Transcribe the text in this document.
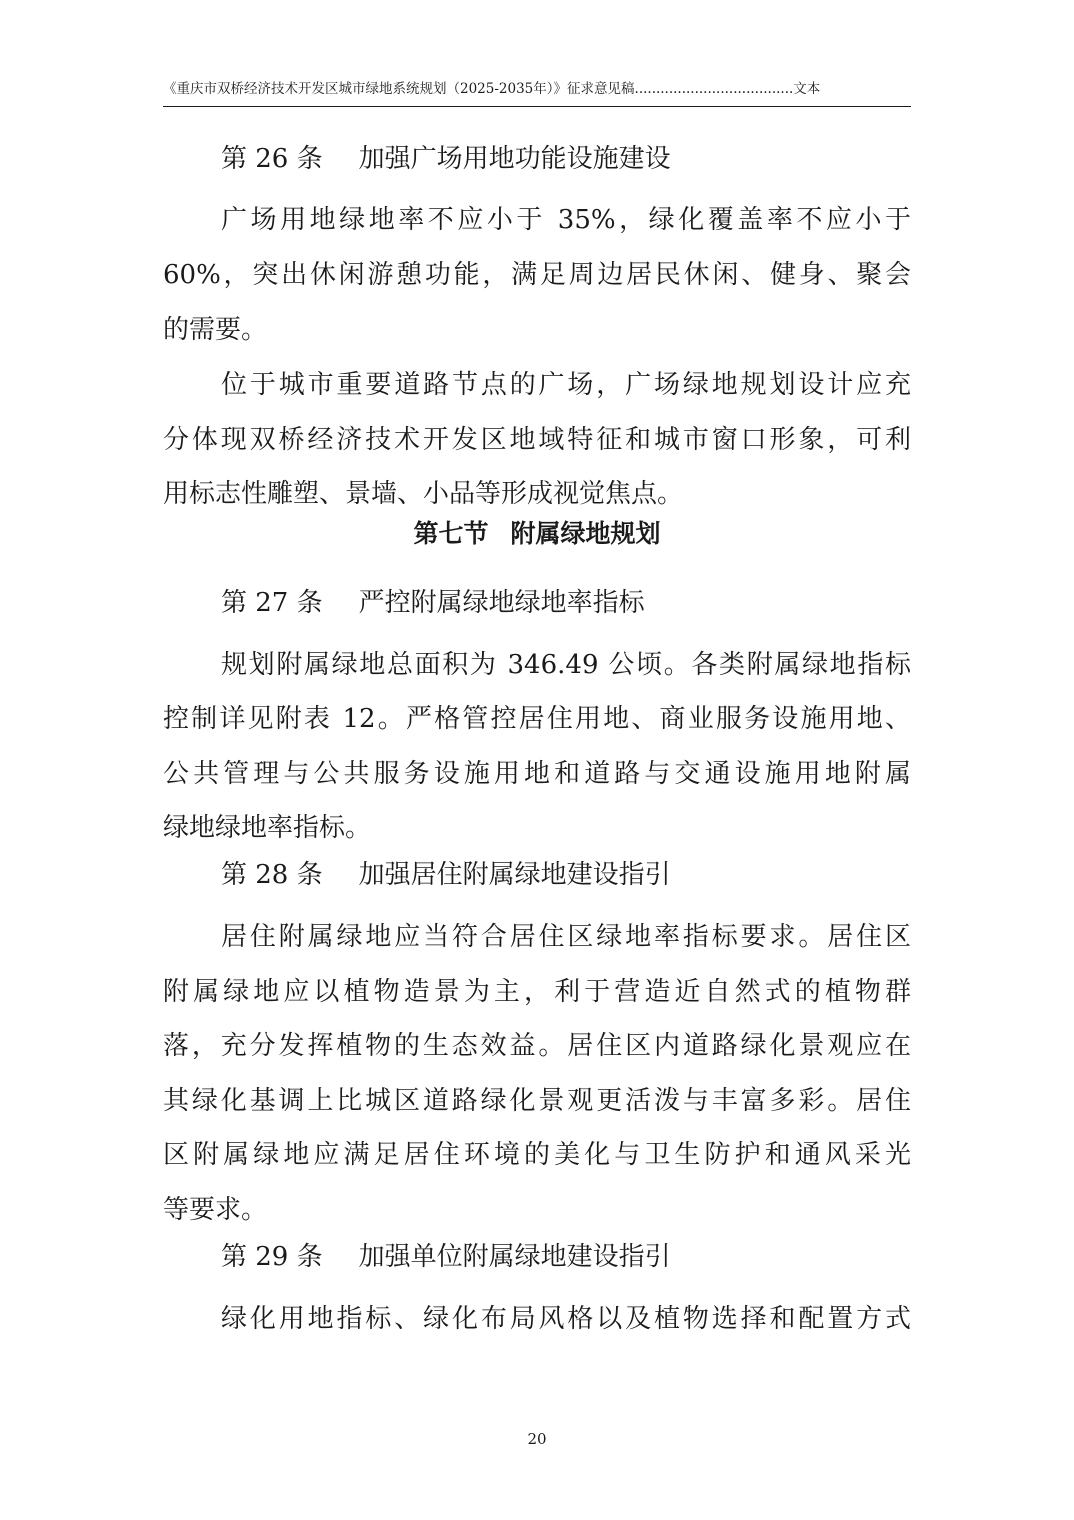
《重庆市双桥经济技术开发区城市绿地系统规划（2025-2035年）》征求意见稿.....................................文本
第 26 条 加强广场用地功能设施建设
广场用地绿地率不应小于 35%，绿化覆盖率不应小于
60%，突出休闲游憩功能，满足周边居民休闲、健身、聚会
的需要。
位于城市重要道路节点的广场，广场绿地规划设计应充
分体现双桥经济技术开发区地域特征和城市窗口形象，可利
用标志性雕塑、景墙、小品等形成视觉焦点。
第七节 附属绿地规划
第 27 条 严控附属绿地绿地率指标
规划附属绿地总面积为 346.49 公顷。各类附属绿地指标
控制详见附表 12。严格管控居住用地、商业服务设施用地、
公共管理与公共服务设施用地和道路与交通设施用地附属
绿地绿地率指标。
第 28 条 加强居住附属绿地建设指引
居住附属绿地应当符合居住区绿地率指标要求。居住区
附属绿地应以植物造景为主，利于营造近自然式的植物群
落，充分发挥植物的生态效益。居住区内道路绿化景观应在
其绿化基调上比城区道路绿化景观更活泼与丰富多彩。居住
区附属绿地应满足居住环境的美化与卫生防护和通风采光
等要求。
第 29 条 加强单位附属绿地建设指引
绿化用地指标、绿化布局风格以及植物选择和配置方式
20
